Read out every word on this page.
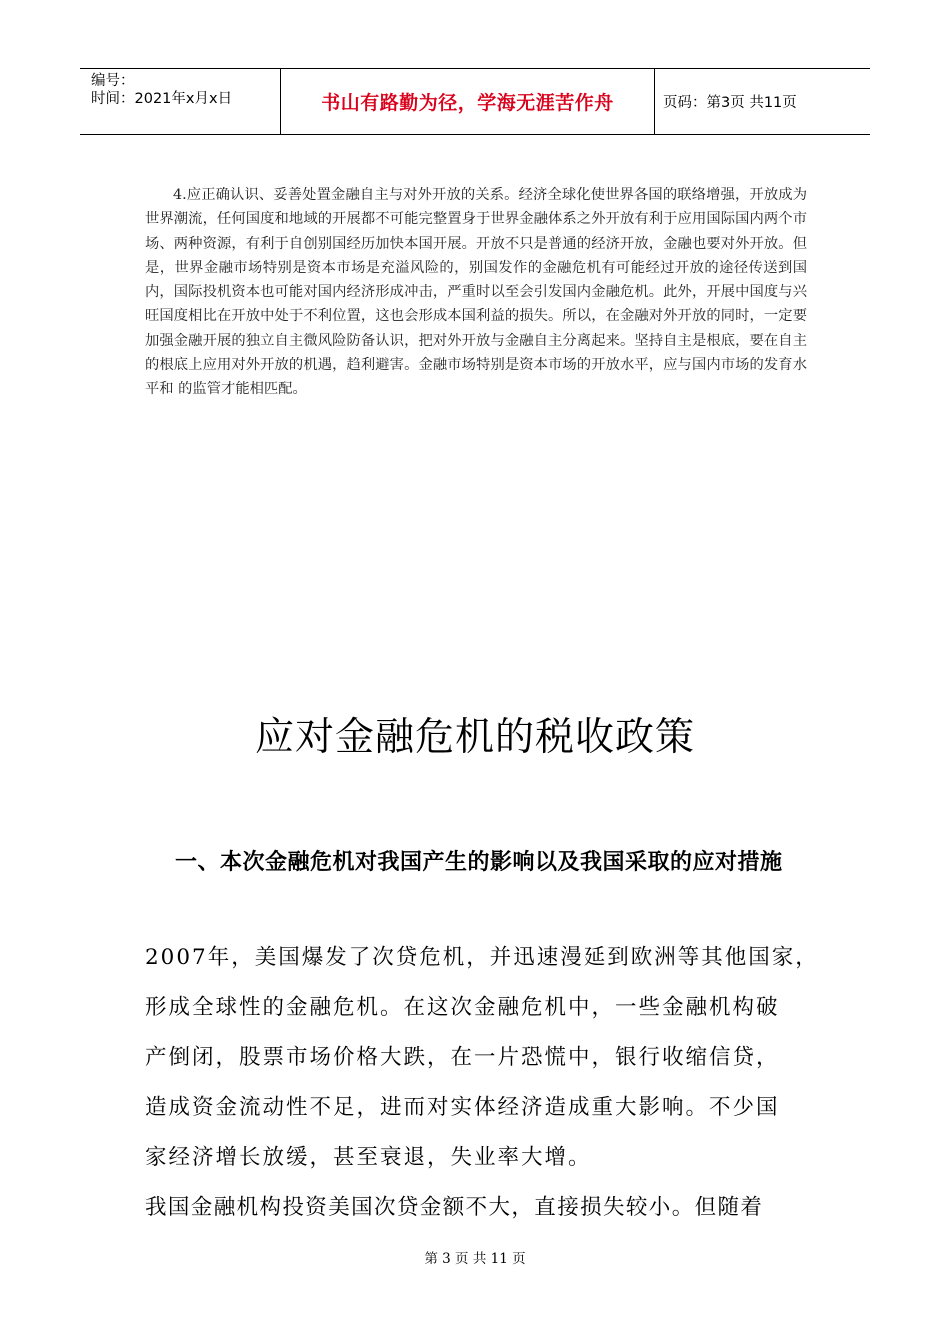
编号：
时间：2021年x月x日	书山有路勤为径，学海无涯苦作舟	页码：第3页 共11页
4.应正确认识、妥善处置金融自主与对外开放的关系。经济全球化使世界各国的联络增强，开放成为世界潮流，任何国度和地域的开展都不可能完整置身于世界金融体系之外开放有利于应用国际国内两个市场、两种资源，有利于自创别国经历加快本国开展。开放不只是普通的经济开放，金融也要对外开放。但是，世界金融市场特别是资本市场是充溢风险的，别国发作的金融危机有可能经过开放的途径传送到国内，国际投机资本也可能对国内经济形成冲击，严重时以至会引发国内金融危机。此外，开展中国度与兴旺国度相比在开放中处于不利位置，这也会形成本国利益的损失。所以，在金融对外开放的同时，一定要加强金融开展的独立自主微风险防备认识，把对外开放与金融自主分离起来。坚持自主是根底，要在自主的根底上应用对外开放的机遇，趋利避害。金融市场特别是资本市场的开放水平，应与国内市场的发育水平和 的监管才能相匹配。
应对金融危机的税收政策
一、本次金融危机对我国产生的影响以及我国采取的应对措施
2007年，美国爆发了次贷危机，并迅速漫延到欧洲等其他国家，
形成全球性的金融危机。在这次金融危机中，一些金融机构破
产倒闭，股票市场价格大跌，在一片恐慌中，银行收缩信贷，
造成资金流动性不足，进而对实体经济造成重大影响。不少国
家经济增长放缓，甚至衰退，失业率大增。
我国金融机构投资美国次贷金额不大，直接损失较小。但随着
第 3 页 共 11 页
